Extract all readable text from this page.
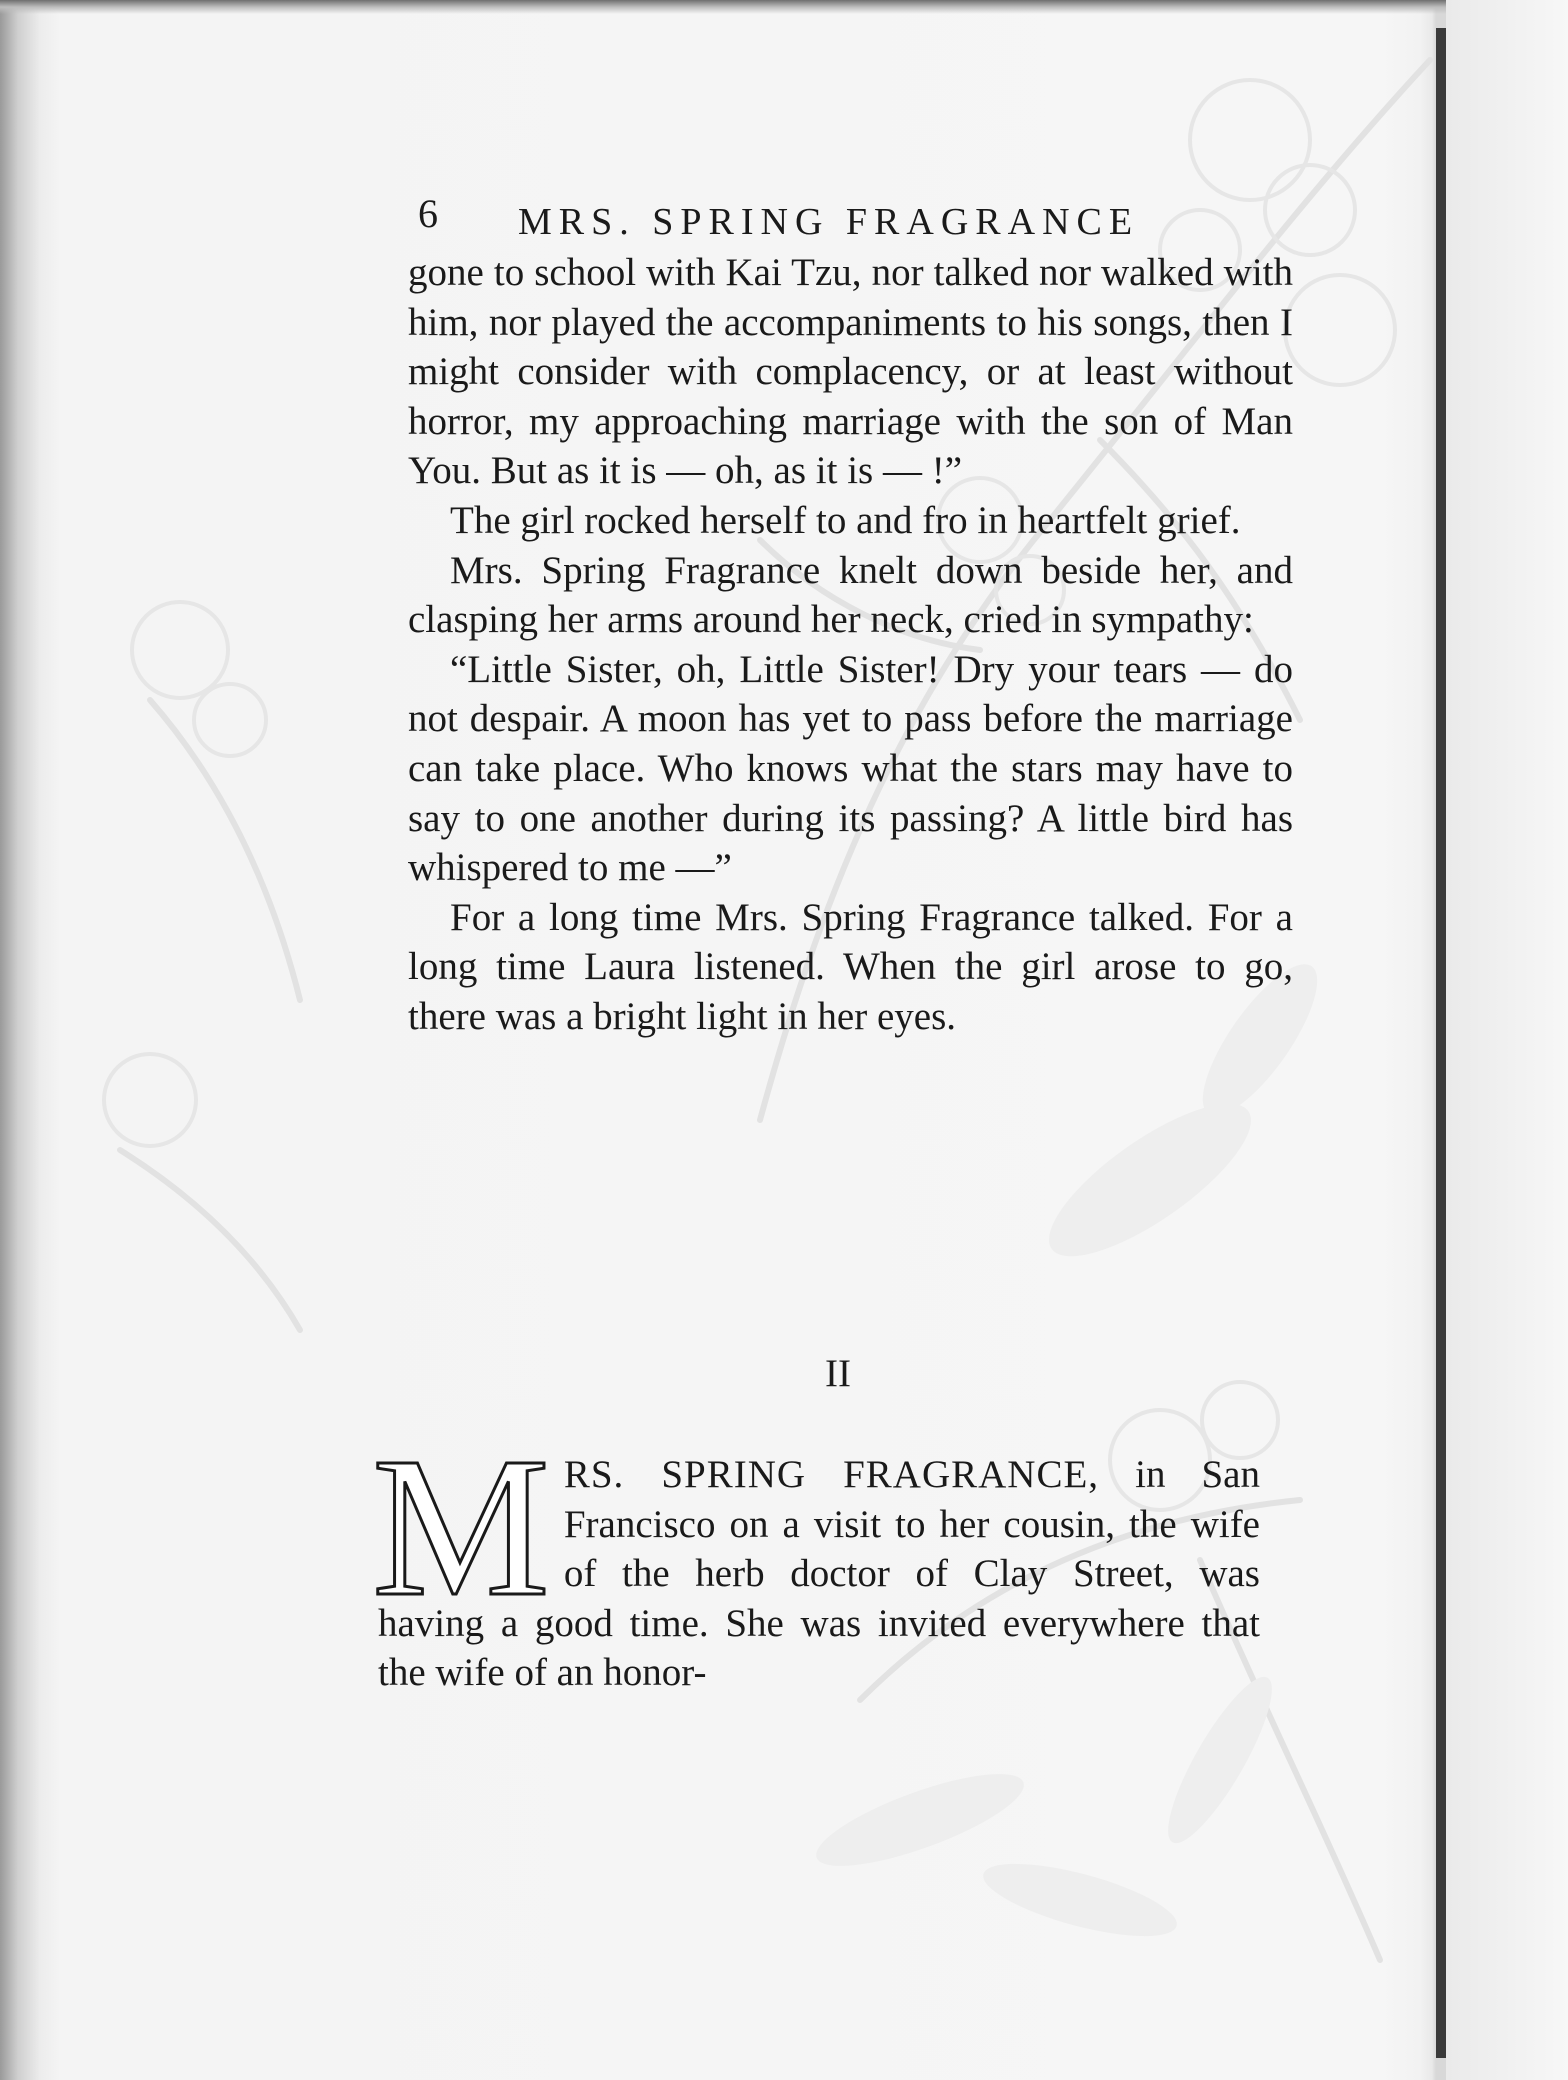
6 MRS. SPRING FRAGRANCE

gone to school with Kai Tzu, nor talked nor walked with him, nor played the accompaniments to his songs, then I might consider with complacency, or at least without horror, my approaching marriage with the son of Man You. But as it is — oh, as it is — !”

The girl rocked herself to and fro in heartfelt grief.

Mrs. Spring Fragrance knelt down beside her, and clasping her arms around her neck, cried in sympathy:

“Little Sister, oh, Little Sister! Dry your tears — do not despair. A moon has yet to pass before the marriage can take place. Who knows what the stars may have to say to one another during its passing? A little bird has whispered to me —”

For a long time Mrs. Spring Fragrance talked. For a long time Laura listened. When the girl arose to go, there was a bright light in her eyes.

II
MRS. SPRING FRAGRANCE, in San Francisco on a visit to her cousin, the wife of the herb doctor of Clay Street, was having a good time. She was invited everywhere that the wife of an honor-
